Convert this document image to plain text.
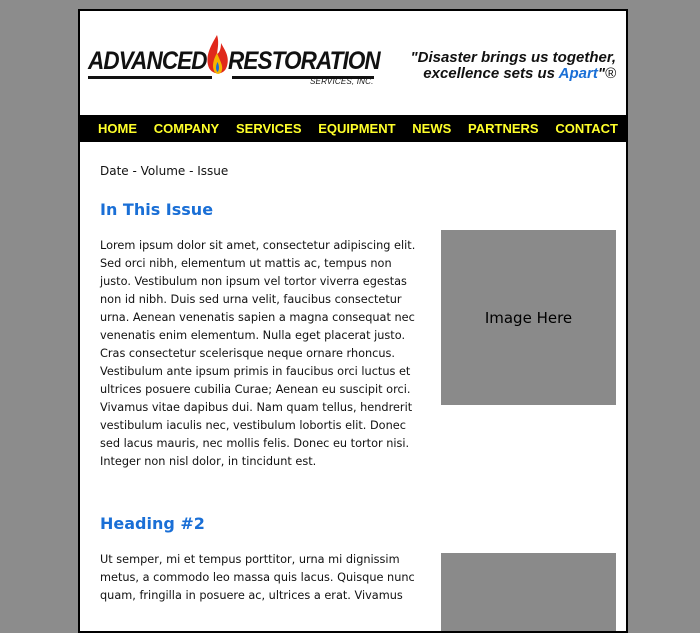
ADVANCED RESTORATION
SERVICES, INC.
"Disaster brings us together,
excellence sets us Apart"®
HOME COMPANY SERVICES EQUIPMENT NEWS PARTNERS CONTACT
Date - Volume - Issue
In This Issue

Lorem ipsum dolor sit amet, consectetur adipiscing elit. Sed orci nibh, elementum ut mattis ac, tempus non justo. Vestibulum non ipsum vel tortor viverra egestas non id nibh. Duis sed urna velit, faucibus consectetur urna. Aenean venenatis sapien a magna consequat nec venenatis enim elementum. Nulla eget placerat justo. Cras consectetur scelerisque neque ornare rhoncus. Vestibulum ante ipsum primis in faucibus orci luctus et ultrices posuere cubilia Curae; Aenean eu suscipit orci. Vivamus vitae dapibus dui. Nam quam tellus, hendrerit vestibulum iaculis nec, vestibulum lobortis elit. Donec sed lacus mauris, nec mollis felis. Donec eu tortor nisi. Integer non nisl dolor, in tincidunt est.

Image Here
Heading #2

Ut semper, mi et tempus porttitor, urna mi dignissim metus, a commodo leo massa quis lacus. Quisque nunc quam, fringilla in posuere ac, ultrices a erat. Vivamus
